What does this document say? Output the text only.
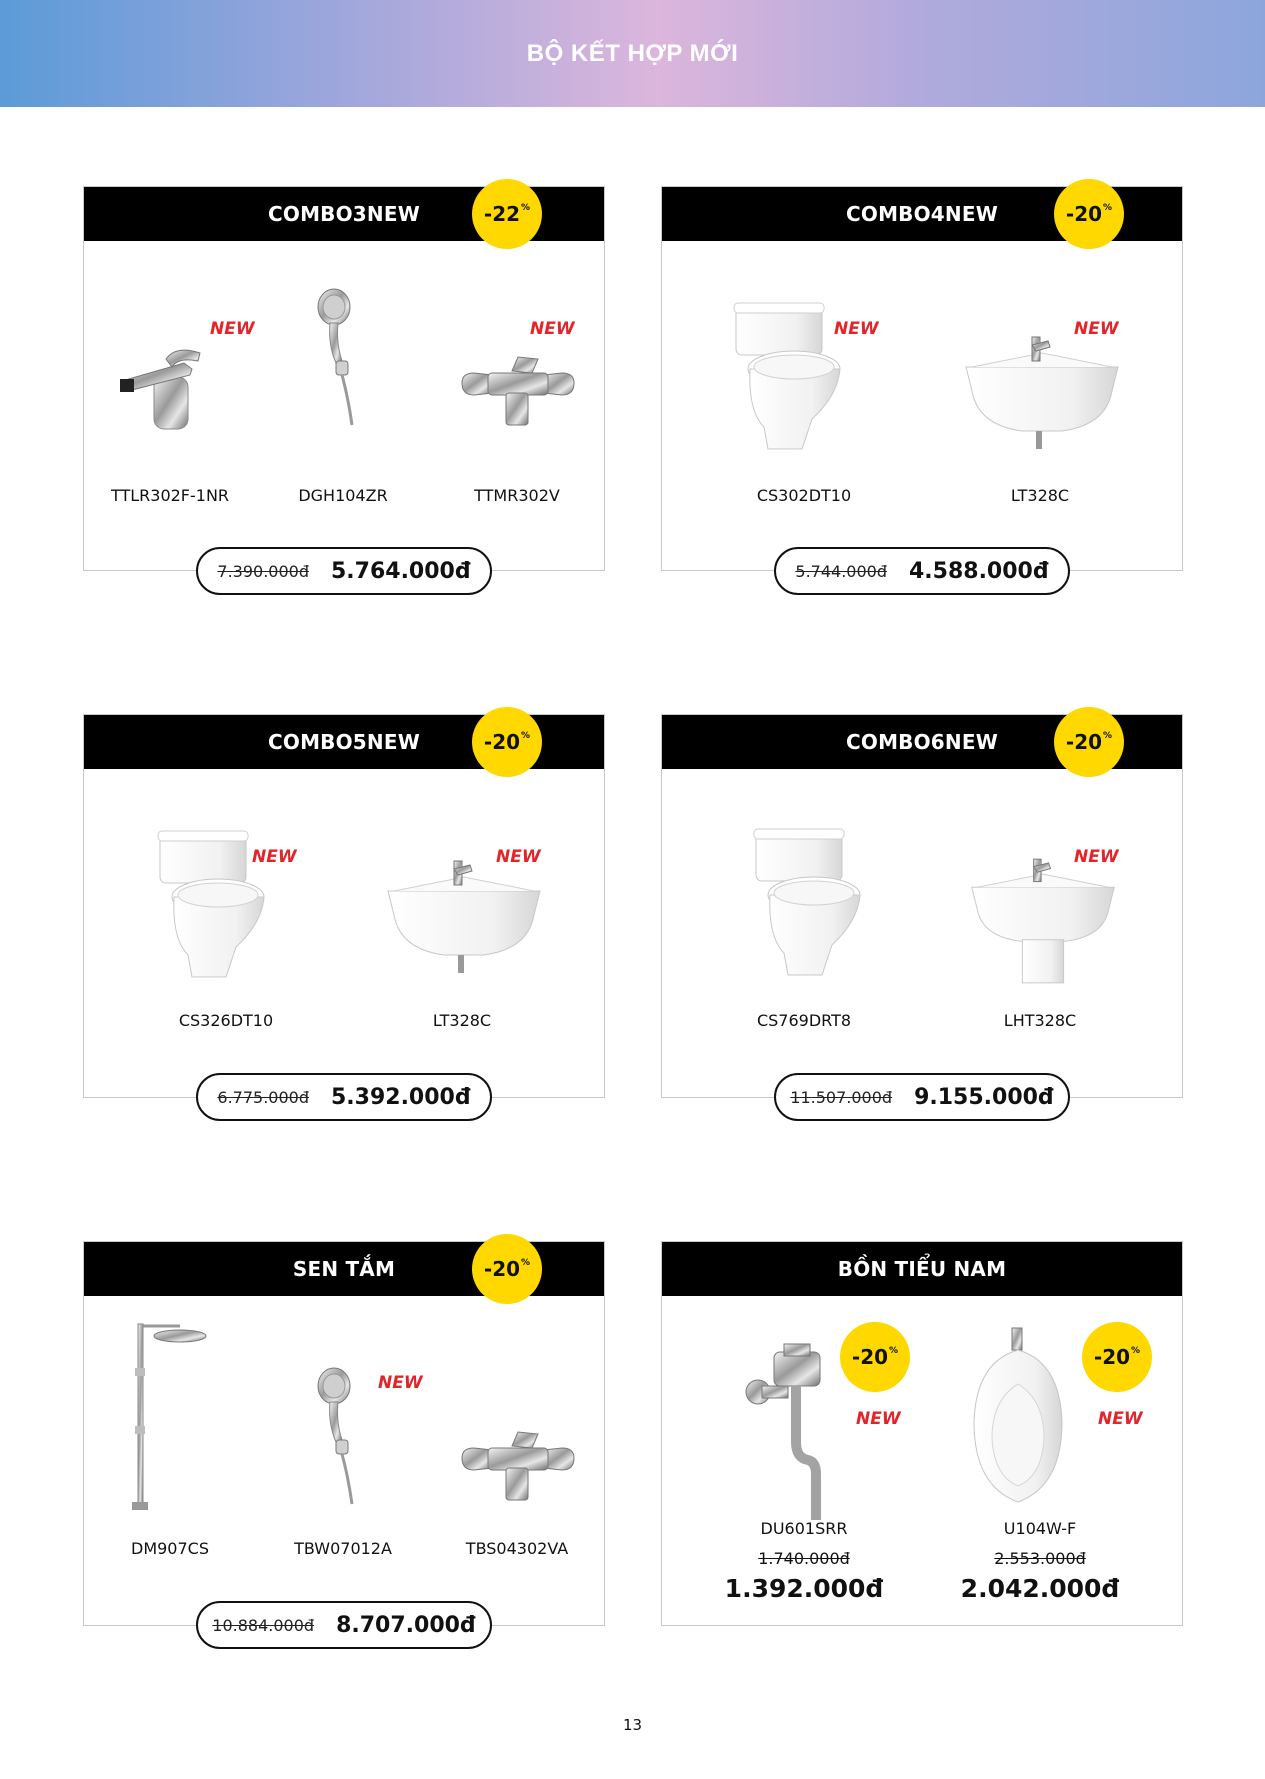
BỘ KẾT HỢP MỚI
COMBO3NEW	-22%
NEW	NEW
TTLR302F-1NR	DGH104ZR	TTMR302V
7.390.000đ 5.764.000đ
COMBO4NEW	-20%
NEW	NEW
CS302DT10	LT328C
5.744.000đ 4.588.000đ
COMBO5NEW	-20%
NEW	NEW
CS326DT10	LT328C
6.775.000đ 5.392.000đ
COMBO6NEW	-20%
NEW
CS769DRT8	LHT328C
11.507.000đ 9.155.000đ
SEN TẮM	-20%
NEW
DM907CS	TBW07012A	TBS04302VA
10.884.000đ 8.707.000đ
BỒN TIỂU NAM
-20%	-20%
NEW	NEW
DU601SRR	U104W-F
1.740.000đ	2.553.000đ
1.392.000đ	2.042.000đ
13
